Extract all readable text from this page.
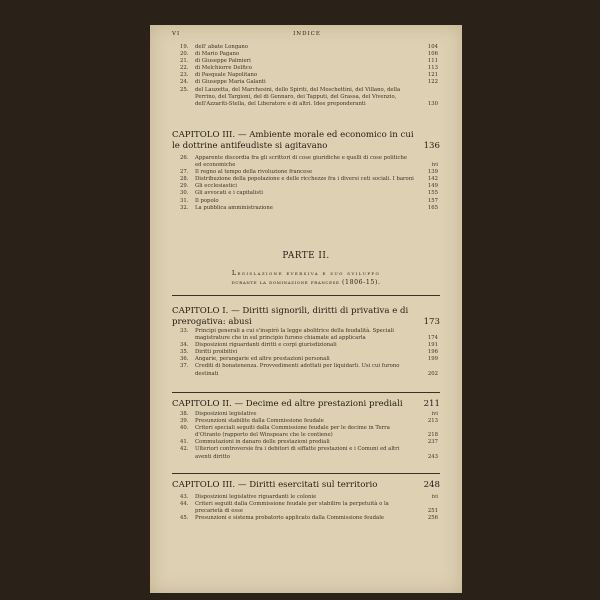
VI	INDICE
19.	dell' abate Longano	104
20.	di Mario Pagano	106
21.	di Giuseppe Palmieri	111
22.	di Melchiorre Delfico	113
23.	di Pasquale Napolitano	121
24.	di Giuseppe Maria Galanti	122
25.	del Lauzetta, del Marchesini, dello Spiriti, del Moschettini, del Villano, della Perrino, del Targioni, del di Gennaro, dei Tapputi, del Grassa, del Vivenzio, dell'Azzariti-Stella, del Liberatore e di altri. Idee preponderanti	130
CAPITOLO III. — Ambiente morale ed economico in cui le dottrine antifeudiste si agitavano	136
26.	Apparente discordia fra gli scrittori di cose giuridiche e quelli di cose politiche ed economiche	ivi
27.	Il regno al tempo della rivoluzione francese	139
28.	Distribuzione della popolazione e delle ricchezze fra i diversi ceti sociali. I baroni	142
29.	Gli ecclesiastici	149
30.	Gli avvocati e i capitalisti	155
31.	Il popolo	157
32.	La pubblica amministrazione	165
PARTE II.
Legislazione eversiva e suo sviluppo
durante la dominazione francese (1806-15).
CAPITOLO I. — Diritti signorili, diritti di privativa e di prerogativa: abusi	173
33.	Principi generali a cui s'inspirò la legge abolitrice della feudalità. Speciali magistrature che in sul principio furono chiamate ad applicarla	174
34.	Disposizioni riguardanti diritti e corpi giurisdizionali	191
35.	Diritti proibitivi	196
36.	Angarie, perangarie ed altre prestazioni personali	199
37.	Crediti di bonatenenza. Provvedimenti adottati per liquidarli. Usi cui furono destinati	202
CAPITOLO II. — Decime ed altre prestazioni prediali	211
38.	Disposizioni legislative	ivi
39.	Presunzioni stabilite dalla Commissione feudale	213
40.	Criteri speciali seguiti dalla Commissione feudale per le decime in Terra d'Otranto (rapporto del Winspeare che le contiene)	218
41.	Commutazioni in danaro delle prestazioni prediali	237
42.	Ulteriori controversie fra i debitori di siffatte prestazioni e i Comuni ed altri aventi diritto	243
CAPITOLO III. — Diritti esercitati sul territorio	248
43.	Disposizioni legislative riguardanti le colonie	ivi
44.	Criteri seguiti dalla Commissione feudale per stabilire la perpetuità o la precarietà di esse	251
45.	Presunzioni e sistema probatorio applicato dalla Commissione feudale	256
